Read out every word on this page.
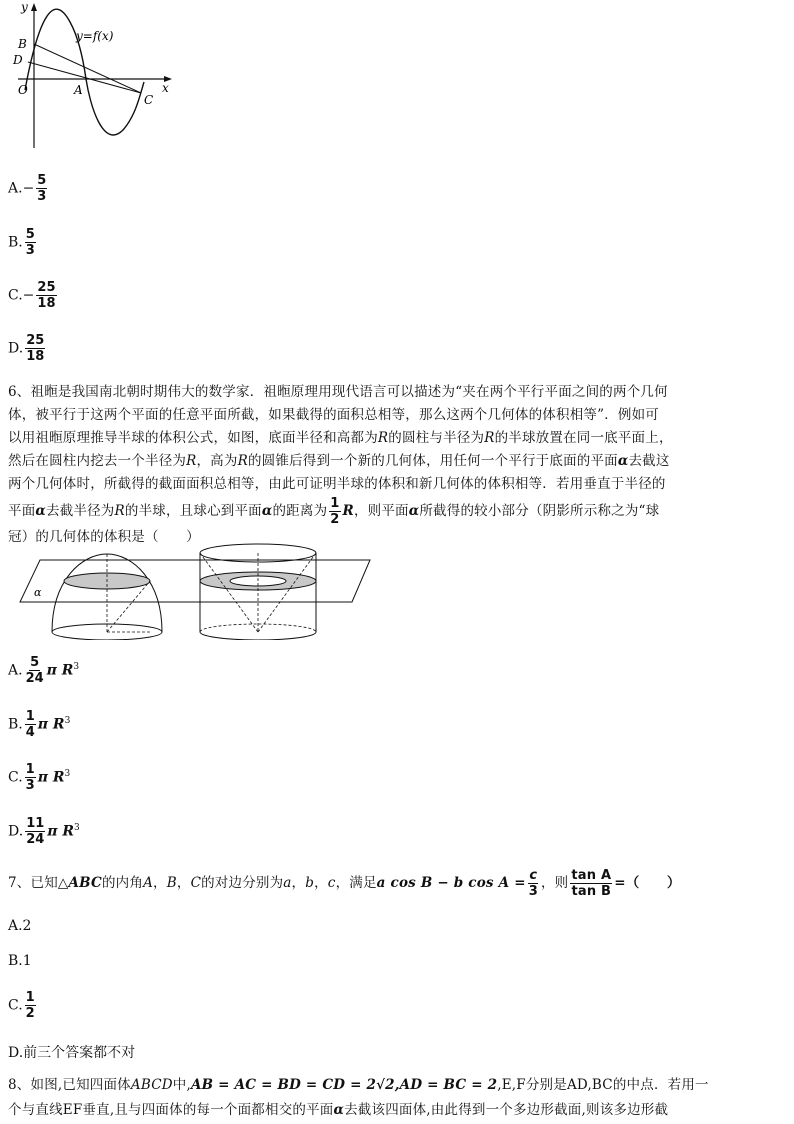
y
x
y=f(x)
B
D
O	A
C
$A.- \frac{5}{3}$
B. $\frac{5}{3}$
$C.- \frac{25}{18}$
D. $\frac{25}{18}$
6、祖暅是我国南北朝时期伟大的数学家．祖暅原理用现代语言可以描述为“夹在两个平行平面之间的两个几何
体，被平行于这两个平面的任意平面所截，如果截得的面积总相等，那么这两个几何体的体积相等”．例如可
以用祖暅原理推导半球的体积公式，如图，底面半径和高都为R的圆柱与半径为R的半球放置在同一底平面上，
然后在圆柱内挖去一个半径为R，高为R的圆锥后得到一个新的几何体，用任何一个平行于底面的平面α去截这
两个几何体时，所截得的截面面积总相等，由此可证明半球的体积和新几何体的体积相等．若用垂直于半径的
平面α去截半径为R的半球，且球心到平面α的距离为 $\frac{1}{2}$ R，则平面α所截得的较小部分（阴影所示称之为“球
冠）的几何体的体积是（　　）
α
A. $\frac{5}{24}$ π $R^3$
B. $\frac{1}{4}$ π $R^3$
C. $\frac{1}{3}$ π $R^3$
D. $\frac{11}{24}$ π $R^3$
7、已知△ABC的内角A，B，C的对边分别为a，b，c，满足a cos B − b $\cos A = \frac{c}{3}$ ，则 $\frac{\text{tan A}}{\text{tan B}}$ =（　　）
A.2
B.1
C. $\frac{1}{2}$
D.前三个答案都不对
8、如图,已知四面体ABCD中,AB = AC = BD = CD = 2√2,AD = BC = 2,E,F分别是AD,BC的中点．若用一
个与直线EF垂直,且与四面体的每一个面都相交的平面α去截该四面体,由此得到一个多边形截面,则该多边形截
